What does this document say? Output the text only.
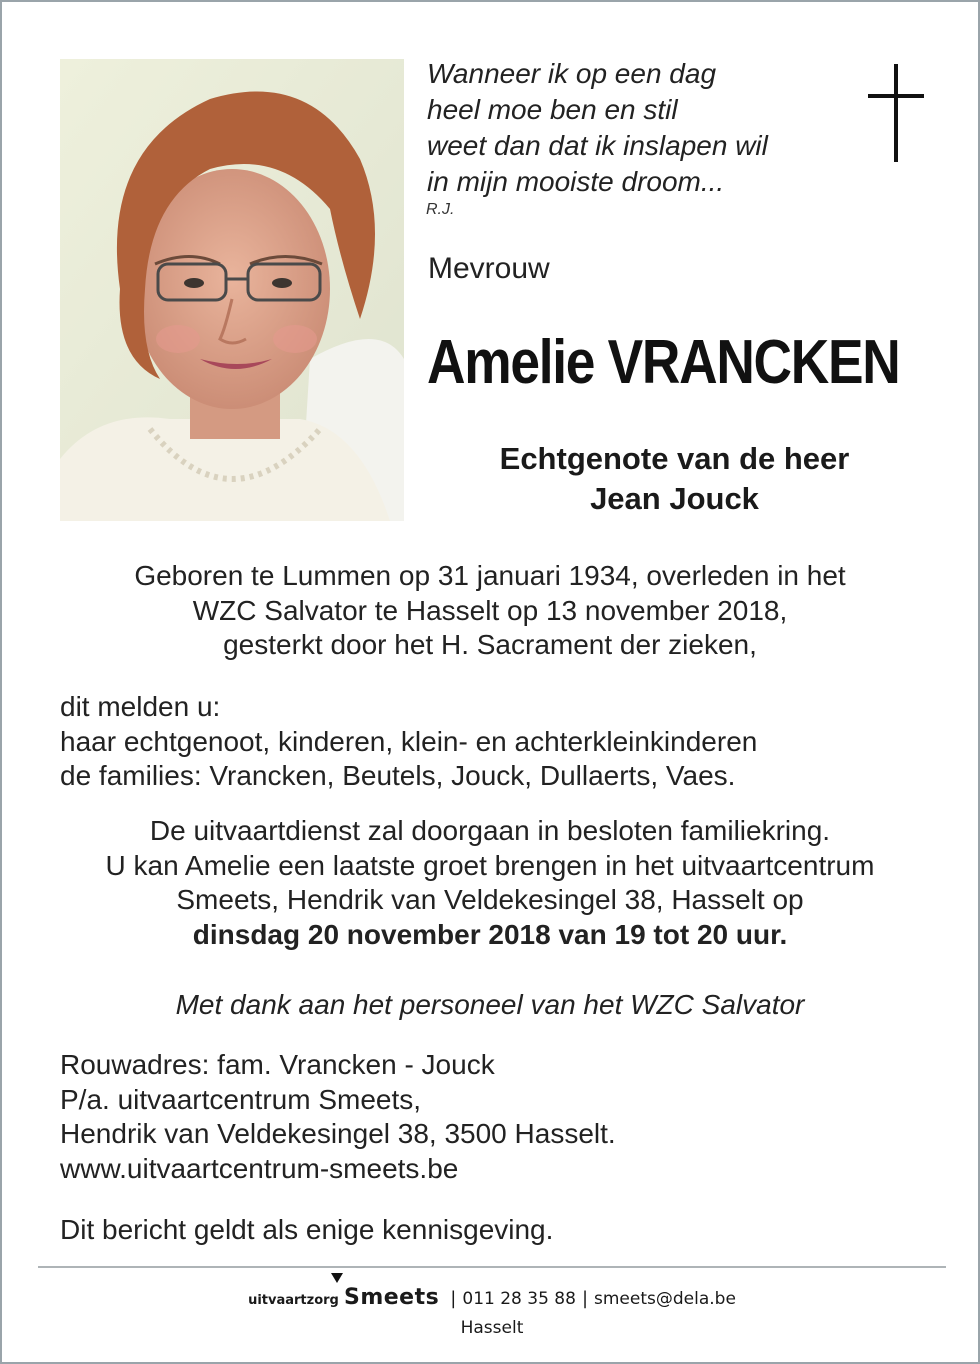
Wanneer ik op een dag
heel moe ben en stil
weet dan dat ik inslapen wil
in mijn mooiste droom...
R.J.
Mevrouw
Amelie VRANCKEN
Echtgenote van de heer
Jean Jouck
Geboren te Lummen op 31 januari 1934, overleden in het
WZC Salvator te Hasselt op 13 november 2018,
gesterkt door het H. Sacrament der zieken,
dit melden u:
haar echtgenoot, kinderen, klein- en achterkleinkinderen
de families: Vrancken, Beutels, Jouck, Dullaerts, Vaes.
De uitvaartdienst zal doorgaan in besloten familiekring.
U kan Amelie een laatste groet brengen in het uitvaartcentrum
Smeets, Hendrik van Veldekesingel 38, Hasselt op
dinsdag 20 november 2018 van 19 tot 20 uur.
Met dank aan het personeel van het WZC Salvator
Rouwadres: fam. Vrancken - Jouck
P/a. uitvaartcentrum Smeets,
Hendrik van Veldekesingel 38, 3500 Hasselt.
www.uitvaartcentrum-smeets.be
Dit bericht geldt als enige kennisgeving.
uitvaartzorg Smeets | 011 28 35 88 | smeets@dela.be
Hasselt
